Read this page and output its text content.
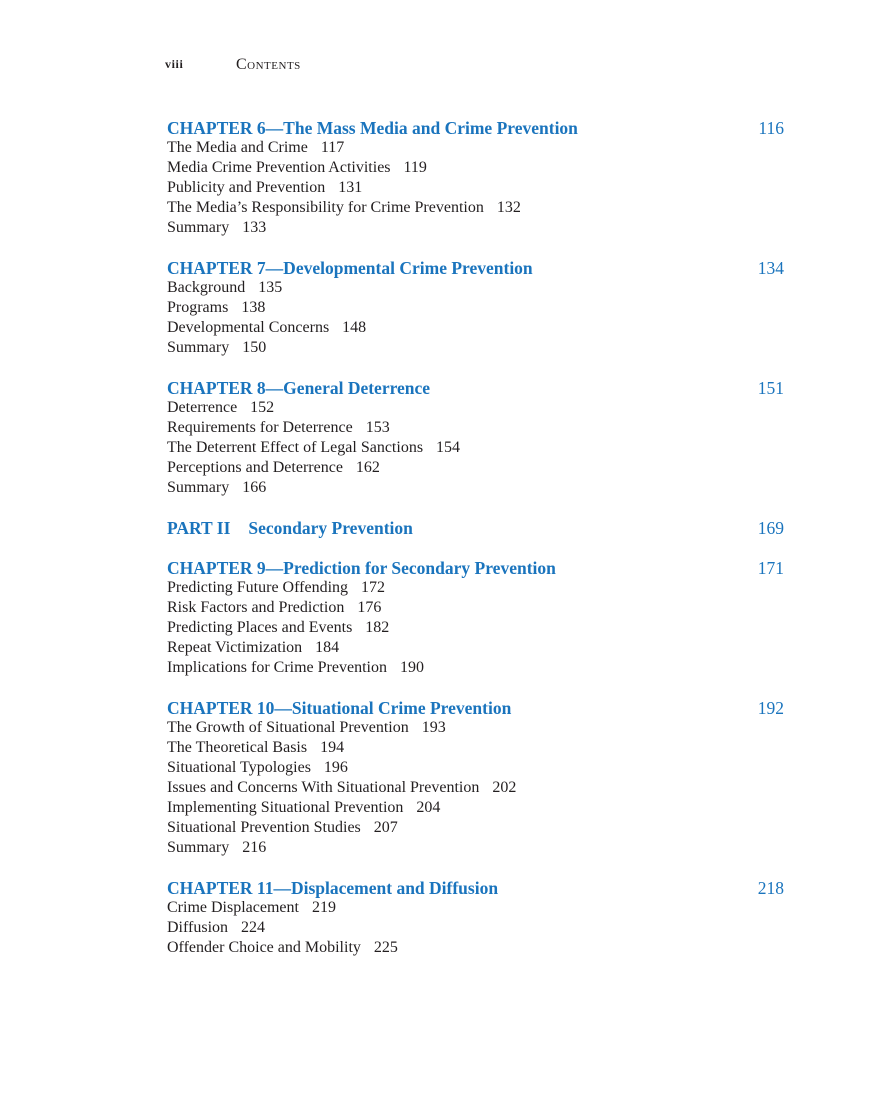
viii	Contents
CHAPTER 6—The Mass Media and Crime Prevention	116
The Media and Crime 117
Media Crime Prevention Activities 119
Publicity and Prevention 131
The Media’s Responsibility for Crime Prevention 132
Summary 133
CHAPTER 7—Developmental Crime Prevention	134
Background 135
Programs 138
Developmental Concerns 148
Summary 150
CHAPTER 8—General Deterrence	151
Deterrence 152
Requirements for Deterrence 153
The Deterrent Effect of Legal Sanctions 154
Perceptions and Deterrence 162
Summary 166
PART II Secondary Prevention	169
CHAPTER 9—Prediction for Secondary Prevention	171
Predicting Future Offending 172
Risk Factors and Prediction 176
Predicting Places and Events 182
Repeat Victimization 184
Implications for Crime Prevention 190
CHAPTER 10—Situational Crime Prevention	192
The Growth of Situational Prevention 193
The Theoretical Basis 194
Situational Typologies 196
Issues and Concerns With Situational Prevention 202
Implementing Situational Prevention 204
Situational Prevention Studies 207
Summary 216
CHAPTER 11—Displacement and Diffusion	218
Crime Displacement 219
Diffusion 224
Offender Choice and Mobility 225
